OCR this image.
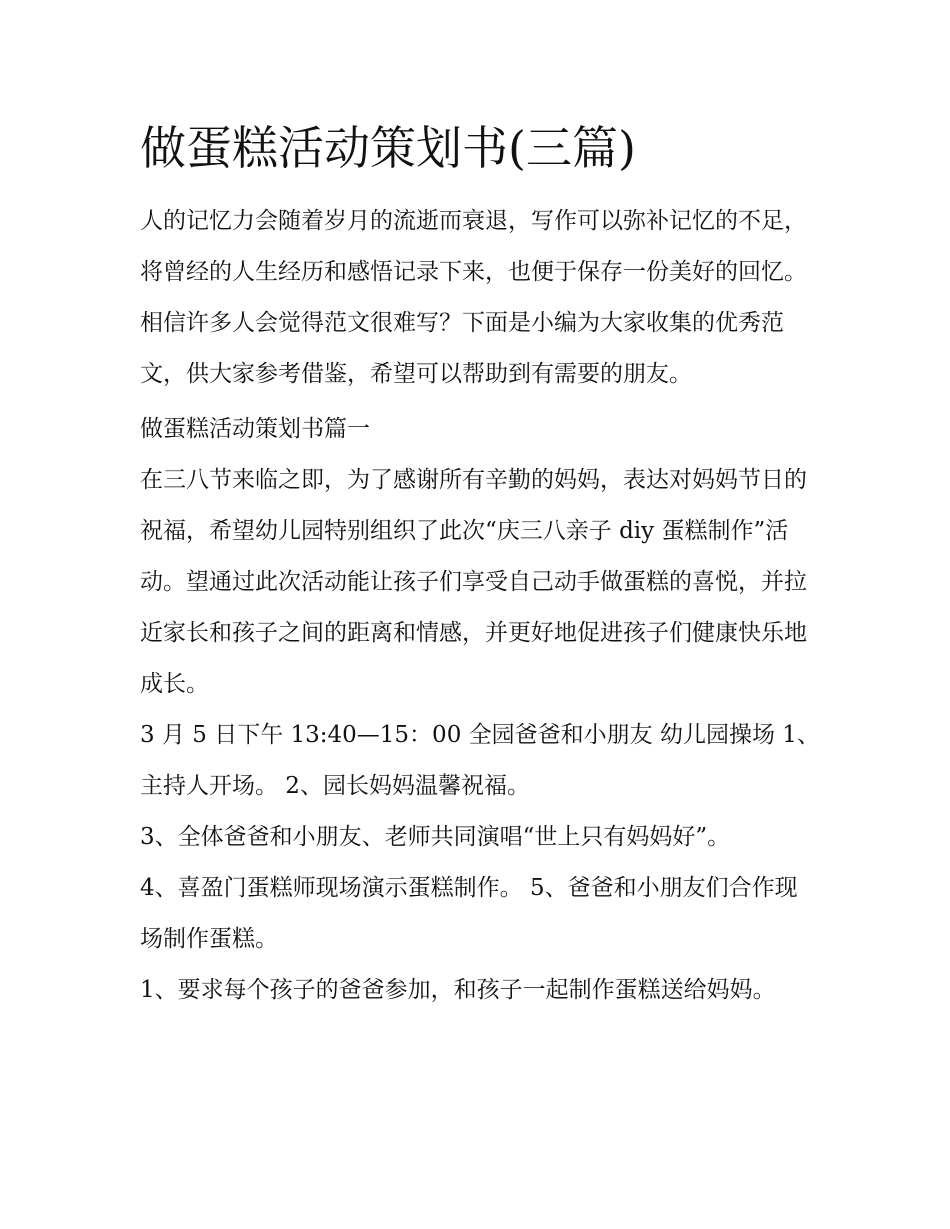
做蛋糕活动策划书(三篇)

人的记忆力会随着岁月的流逝而衰退，写作可以弥补记忆的不足，将曾经的人生经历和感悟记录下来，也便于保存一份美好的回忆。相信许多人会觉得范文很难写？下面是小编为大家收集的优秀范文，供大家参考借鉴，希望可以帮助到有需要的朋友。

做蛋糕活动策划书篇一

在三八节来临之即，为了感谢所有辛勤的妈妈，表达对妈妈节日的祝福，希望幼儿园特别组织了此次“庆三八亲子 diy 蛋糕制作”活动。望通过此次活动能让孩子们享受自己动手做蛋糕的喜悦，并拉近家长和孩子之间的距离和情感，并更好地促进孩子们健康快乐地成长。

3 月 5 日下午 13:40—15：00 全园爸爸和小朋友 幼儿园操场 1、主持人开场。 2、园长妈妈温馨祝福。

3、全体爸爸和小朋友、老师共同演唱“世上只有妈妈好”。

4、喜盈门蛋糕师现场演示蛋糕制作。 5、爸爸和小朋友们合作现场制作蛋糕。

1、要求每个孩子的爸爸参加，和孩子一起制作蛋糕送给妈妈。
